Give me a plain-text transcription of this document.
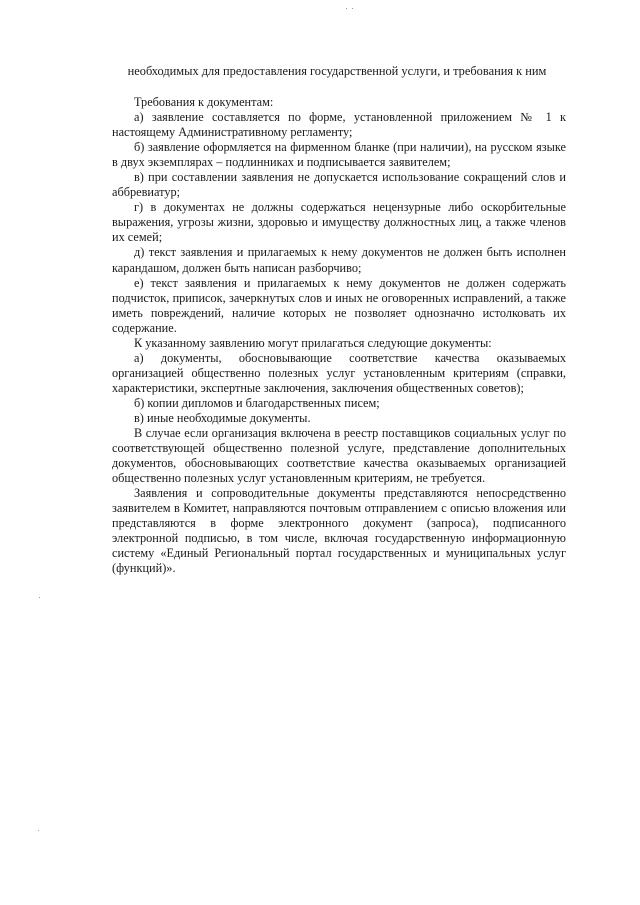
необходимых для предоставления государственной услуги, и требования к ним

Требования к документам:

а) заявление составляется по форме, установленной приложением № 1 к настоящему Административному регламенту;

б) заявление оформляется на фирменном бланке (при наличии), на русском языке в двух экземплярах – подлинниках и подписывается заявителем;

в) при составлении заявления не допускается использование сокращений слов и аббревиатур;

г) в документах не должны содержаться нецензурные либо оскорбительные выражения, угрозы жизни, здоровью и имуществу должностных лиц, а также членов их семей;

д) текст заявления и прилагаемых к нему документов не должен быть исполнен карандашом, должен быть написан разборчиво;

е) текст заявления и прилагаемых к нему документов не должен содержать подчисток, приписок, зачеркнутых слов и иных не оговоренных исправлений, а также иметь повреждений, наличие которых не позволяет однозначно истолковать их содержание.

К указанному заявлению могут прилагаться следующие документы:

а) документы, обосновывающие соответствие качества оказываемых организацией общественно полезных услуг установленным критериям (справки, характеристики, экспертные заключения, заключения общественных советов);

б) копии дипломов и благодарственных писем;

в) иные необходимые документы.

В случае если организация включена в реестр поставщиков социальных услуг по соответствующей общественно полезной услуге, представление дополнительных документов, обосновывающих соответствие качества оказываемых организацией общественно полезных услуг установленным критериям, не требуется.

Заявления и сопроводительные документы представляются непосредственно заявителем в Комитет, направляются почтовым отправлением с описью вложения или представляются в форме электронного документ (запроса), подписанного электронной подписью, в том числе, включая государственную информационную систему «Единый Региональный портал государственных и муниципальных услуг (функций)».
